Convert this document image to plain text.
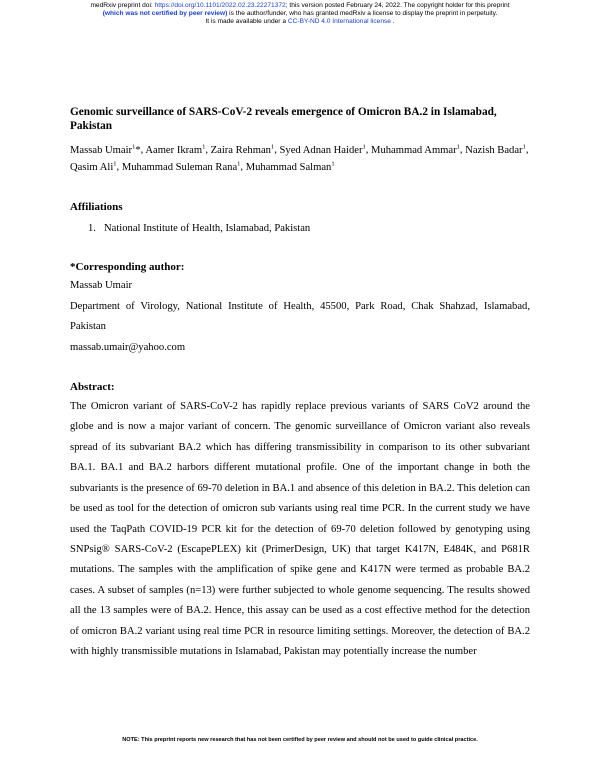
medRxiv preprint doi: https://doi.org/10.1101/2022.02.23.22271372; this version posted February 24, 2022. The copyright holder for this preprint
(which was not certified by peer review) is the author/funder, who has granted medRxiv a license to display the preprint in perpetuity.
It is made available under a CC-BY-ND 4.0 International license .

Genomic surveillance of SARS-CoV-2 reveals emergence of Omicron BA.2 in Islamabad, Pakistan

Massab Umair$^1$*, Aamer Ikram$^1$, Zaira Rehman$^1$, Syed Adnan Haider$^1$, Muhammad Ammar$^1$, Nazish Badar$^1$, Qasim Ali$^1$, Muhammad Suleman Rana$^1$, Muhammad Salman$^1$
Affiliations
1. National Institute of Health, Islamabad, Pakistan
*Corresponding author:
Massab Umair
Department of Virology, National Institute of Health, 45500, Park Road, Chak Shahzad, Islamabad, Pakistan
massab.umair@yahoo.com
Abstract:
The Omicron variant of SARS-CoV-2 has rapidly replace previous variants of SARS CoV2 around the globe and is now a major variant of concern. The genomic surveillance of Omicron variant also reveals spread of its subvariant BA.2 which has differing transmissibility in comparison to its other subvariant BA.1. BA.1 and BA.2 harbors different mutational profile. One of the important change in both the subvariants is the presence of 69-70 deletion in BA.1 and absence of this deletion in BA.2. This deletion can be used as tool for the detection of omicron sub variants using real time PCR. In the current study we have used the TaqPath COVID-19 PCR kit for the detection of 69-70 deletion followed by genotyping using SNPsig® SARS-CoV-2 (EscapePLEX) kit (PrimerDesign, UK) that target K417N, E484K, and P681R mutations. The samples with the amplification of spike gene and K417N were termed as probable BA.2 cases. A subset of samples (n=13) were further subjected to whole genome sequencing. The results showed all the 13 samples were of BA.2. Hence, this assay can be used as a cost effective method for the detection of omicron BA.2 variant using real time PCR in resource limiting settings. Moreover, the detection of BA.2 with highly transmissible mutations in Islamabad, Pakistan may potentially increase the number
NOTE: This preprint reports new research that has not been certified by peer review and should not be used to guide clinical practice.
